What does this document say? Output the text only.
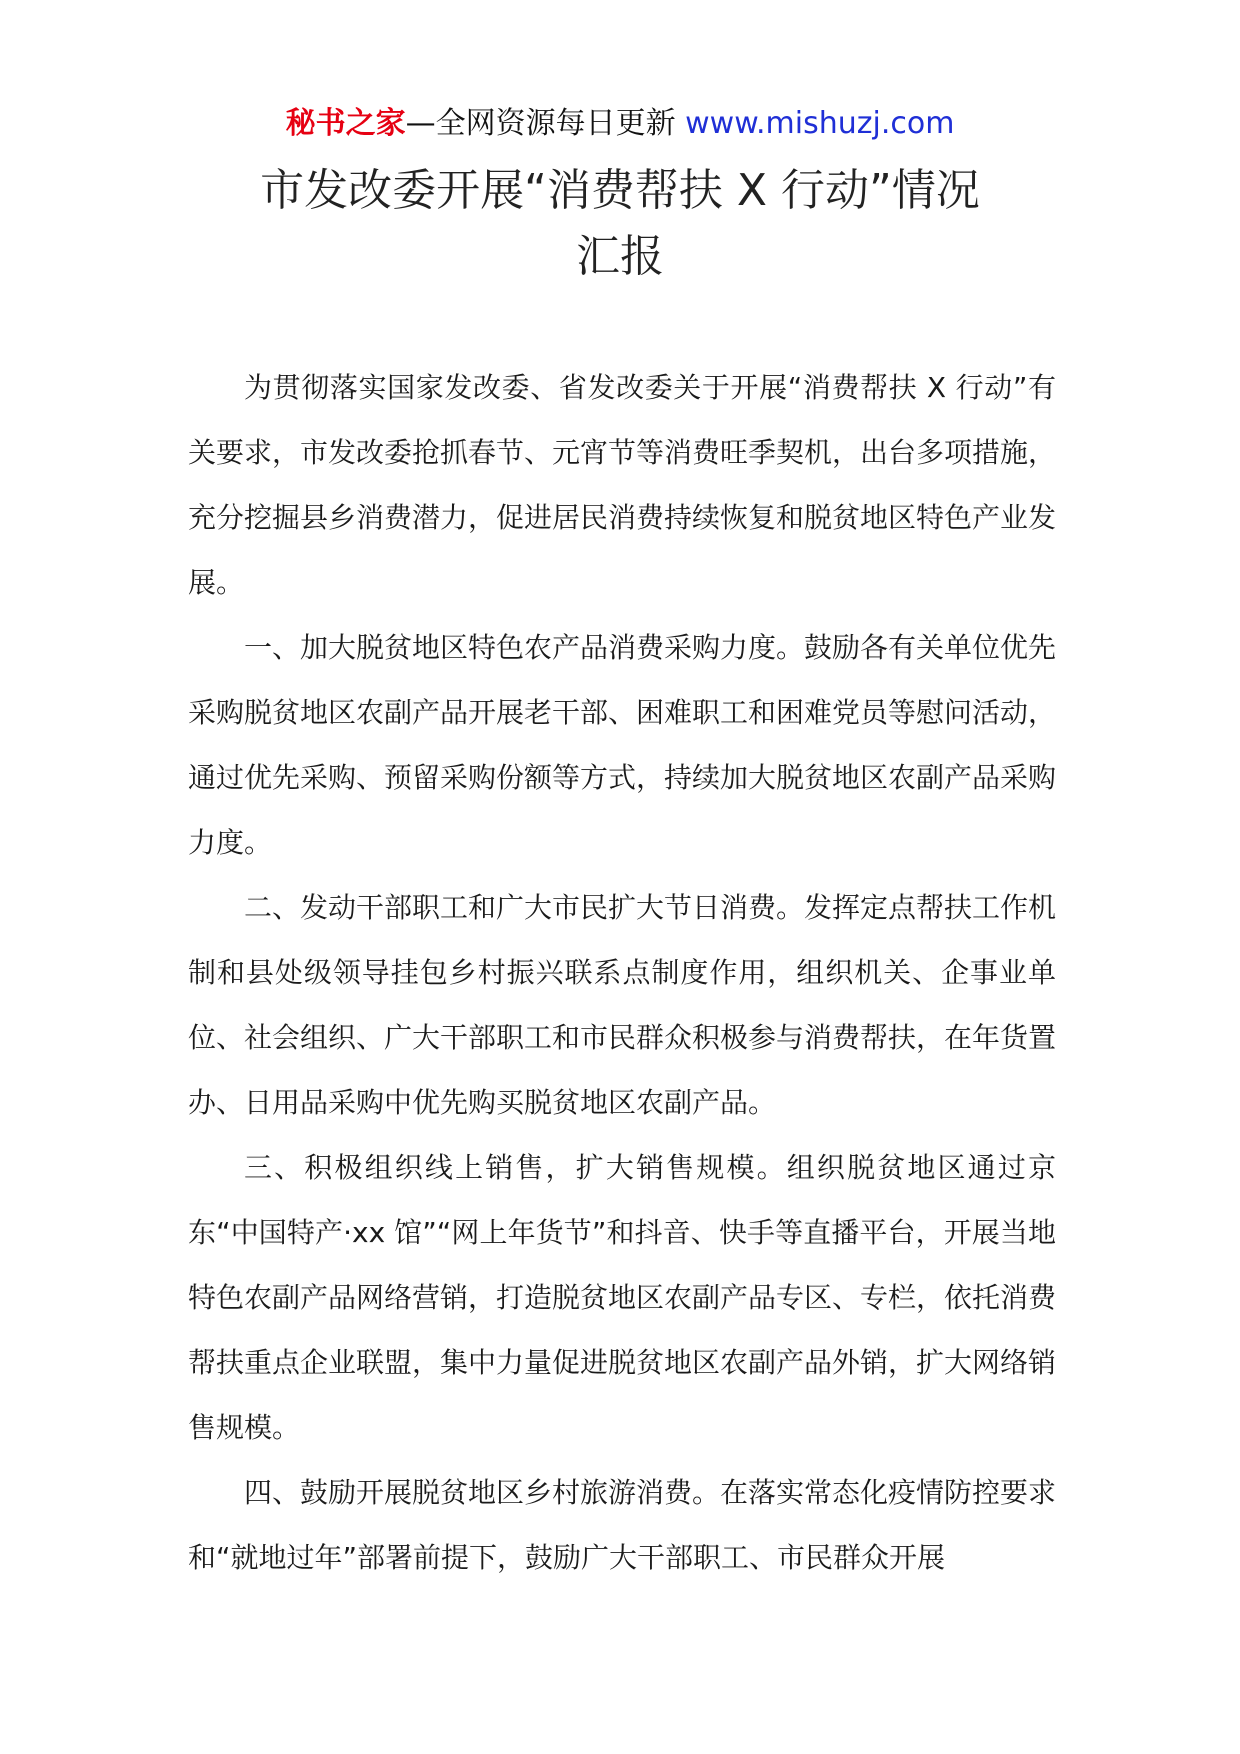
秘书之家—全网资源每日更新 www.mishuzj.com
市发改委开展“消费帮扶 X 行动”情况
汇报

为贯彻落实国家发改委、省发改委关于开展“消费帮扶 X 行动”有关要求，市发改委抢抓春节、元宵节等消费旺季契机，出台多项措施，充分挖掘县乡消费潜力，促进居民消费持续恢复和脱贫地区特色产业发展。

一、加大脱贫地区特色农产品消费采购力度。鼓励各有关单位优先采购脱贫地区农副产品开展老干部、困难职工和困难党员等慰问活动，通过优先采购、预留采购份额等方式，持续加大脱贫地区农副产品采购力度。

二、发动干部职工和广大市民扩大节日消费。发挥定点帮扶工作机制和县处级领导挂包乡村振兴联系点制度作用，组织机关、企事业单位、社会组织、广大干部职工和市民群众积极参与消费帮扶，在年货置办、日用品采购中优先购买脱贫地区农副产品。

三、积极组织线上销售，扩大销售规模。组织脱贫地区通过京东“中国特产·xx 馆”“网上年货节”和抖音、快手等直播平台，开展当地特色农副产品网络营销，打造脱贫地区农副产品专区、专栏，依托消费帮扶重点企业联盟，集中力量促进脱贫地区农副产品外销，扩大网络销售规模。

四、鼓励开展脱贫地区乡村旅游消费。在落实常态化疫情防控要求和“就地过年”部署前提下，鼓励广大干部职工、市民群众开展
